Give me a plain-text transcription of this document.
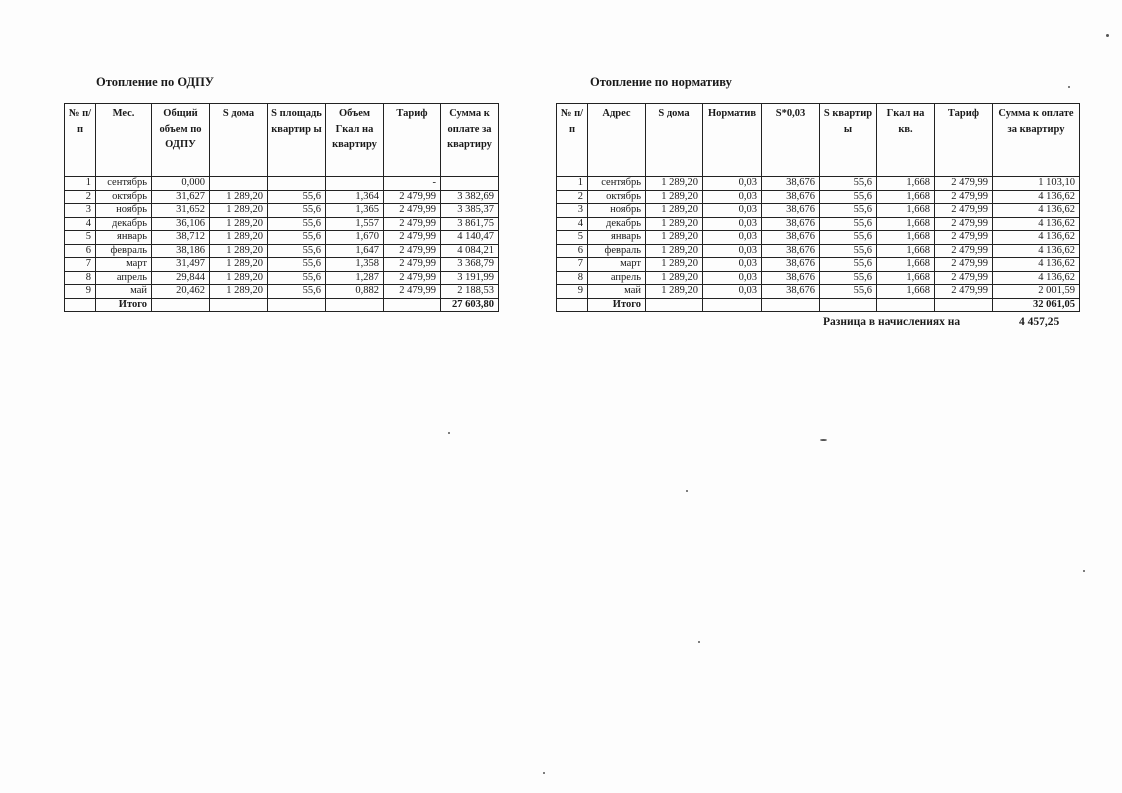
Отопление по ОДПУ	Отопление по нормативу
№ п/п	Мес.	Общий объем по ОДПУ	S дома	S площадь квартир ы	Объем Гкал на квартиру	Тариф	Сумма к оплате за квартиру
1	сентябрь	0,000				-	
2	октябрь	31,627	1 289,20	55,6	1,364	2 479,99	3 382,69
3	ноябрь	31,652	1 289,20	55,6	1,365	2 479,99	3 385,37
4	декабрь	36,106	1 289,20	55,6	1,557	2 479,99	3 861,75
5	январь	38,712	1 289,20	55,6	1,670	2 479,99	4 140,47
6	февраль	38,186	1 289,20	55,6	1,647	2 479,99	4 084,21
7	март	31,497	1 289,20	55,6	1,358	2 479,99	3 368,79
8	апрель	29,844	1 289,20	55,6	1,287	2 479,99	3 191,99
9	май	20,462	1 289,20	55,6	0,882	2 479,99	2 188,53
	Итого						27 603,80
№ п/п	Адрес	S дома	Норматив	S*0,03	S квартир ы	Гкал на кв.	Тариф	Сумма к оплате за квартиру
1	сентябрь	1 289,20	0,03	38,676	55,6	1,668	2 479,99	1 103,10
2	октябрь	1 289,20	0,03	38,676	55,6	1,668	2 479,99	4 136,62
3	ноябрь	1 289,20	0,03	38,676	55,6	1,668	2 479,99	4 136,62
4	декабрь	1 289,20	0,03	38,676	55,6	1,668	2 479,99	4 136,62
5	январь	1 289,20	0,03	38,676	55,6	1,668	2 479,99	4 136,62
6	февраль	1 289,20	0,03	38,676	55,6	1,668	2 479,99	4 136,62
7	март	1 289,20	0,03	38,676	55,6	1,668	2 479,99	4 136,62
8	апрель	1 289,20	0,03	38,676	55,6	1,668	2 479,99	4 136,62
9	май	1 289,20	0,03	38,676	55,6	1,668	2 479,99	2 001,59
	Итого							32 061,05
Разница в начислениях на	4 457,25
